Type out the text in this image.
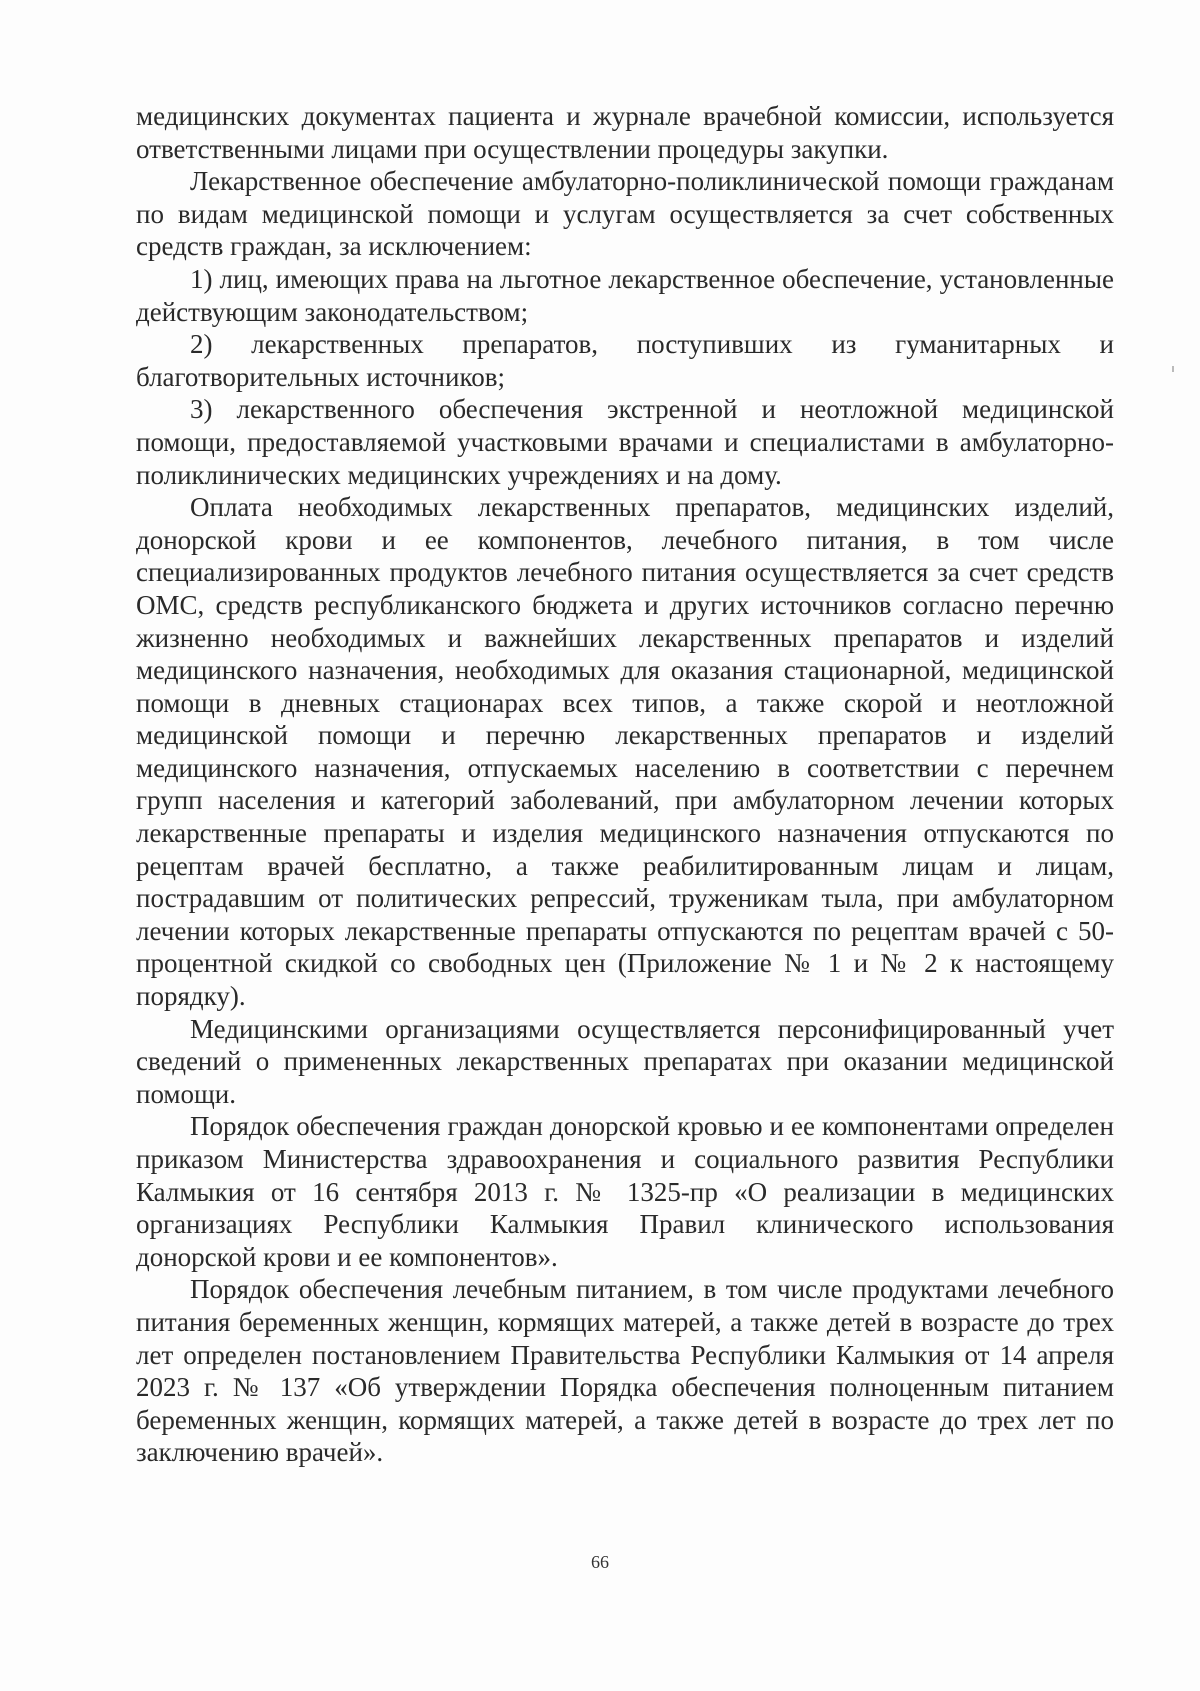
медицинских документах пациента и журнале врачебной комиссии, используется ответственными лицами при осуществлении процедуры закупки.

Лекарственное обеспечение амбулаторно-поликлинической помощи гражданам по видам медицинской помощи и услугам осуществляется за счет собственных средств граждан, за исключением:

1) лиц, имеющих права на льготное лекарственное обеспечение, установленные действующим законодательством;

2) лекарственных препаратов, поступивших из гуманитарных и благотворительных источников;

3) лекарственного обеспечения экстренной и неотложной медицинской помощи, предоставляемой участковыми врачами и специалистами в амбулаторно-поликлинических медицинских учреждениях и на дому.

Оплата необходимых лекарственных препаратов, медицинских изделий, донорской крови и ее компонентов, лечебного питания, в том числе специализированных продуктов лечебного питания осуществляется за счет средств ОМС, средств республиканского бюджета и других источников согласно перечню жизненно необходимых и важнейших лекарственных препаратов и изделий медицинского назначения, необходимых для оказания стационарной, медицинской помощи в дневных стационарах всех типов, а также скорой и неотложной медицинской помощи и перечню лекарственных препаратов и изделий медицинского назначения, отпускаемых населению в соответствии с перечнем групп населения и категорий заболеваний, при амбулаторном лечении которых лекарственные препараты и изделия медицинского назначения отпускаются по рецептам врачей бесплатно, а также реабилитированным лицам и лицам, пострадавшим от политических репрессий, труженикам тыла, при амбулаторном лечении которых лекарственные препараты отпускаются по рецептам врачей с 50-процентной скидкой со свободных цен (Приложение № 1 и № 2 к настоящему порядку).

Медицинскими организациями осуществляется персонифицированный учет сведений о примененных лекарственных препаратах при оказании медицинской помощи.

Порядок обеспечения граждан донорской кровью и ее компонентами определен приказом Министерства здравоохранения и социального развития Республики Калмыкия от 16 сентября 2013 г. № 1325-пр «О реализации в медицинских организациях Республики Калмыкия Правил клинического использования донорской крови и ее компонентов».

Порядок обеспечения лечебным питанием, в том числе продуктами лечебного питания беременных женщин, кормящих матерей, а также детей в возрасте до трех лет определен постановлением Правительства Республики Калмыкия от 14 апреля 2023 г. № 137 «Об утверждении Порядка обеспечения полноценным питанием беременных женщин, кормящих матерей, а также детей в возрасте до трех лет по заключению врачей».

66
